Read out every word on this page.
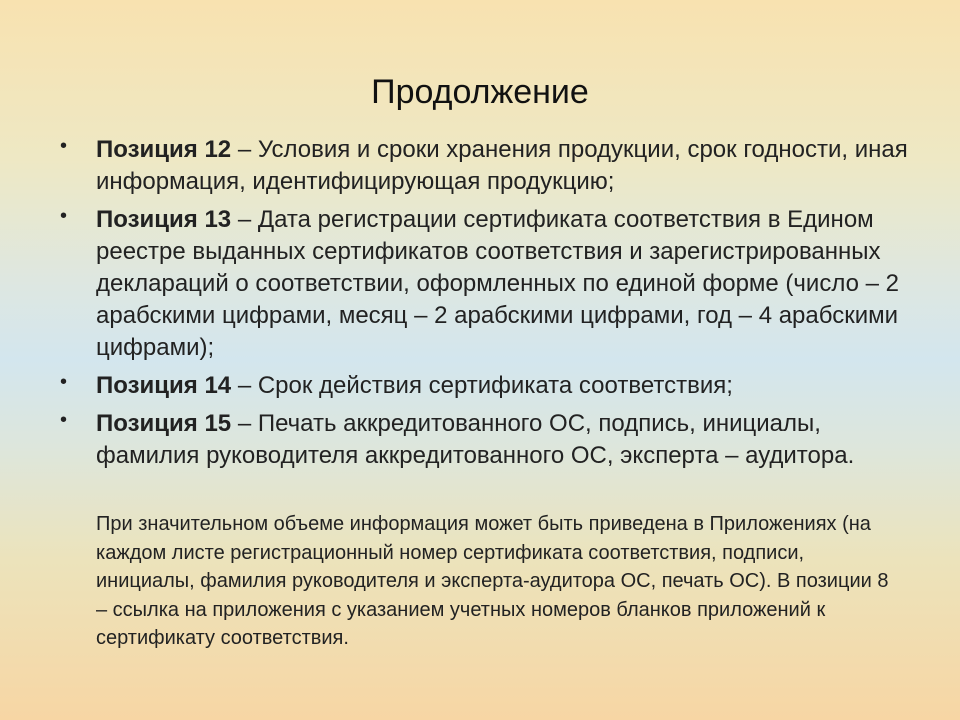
Продолжение
• Позиция 12 – Условия и сроки хранения продукции, срок годности, иная информация, идентифицирующая продукцию;
• Позиция 13 – Дата регистрации сертификата соответствия в Едином реестре выданных сертификатов соответствия и зарегистрированных деклараций о соответствии, оформленных по единой форме (число – 2 арабскими цифрами, месяц – 2 арабскими цифрами, год – 4 арабскими цифрами);
• Позиция 14 – Срок действия сертификата соответствия;
• Позиция 15 – Печать аккредитованного ОС, подпись, инициалы, фамилия руководителя аккредитованного ОС, эксперта – аудитора.
При значительном объеме информация может быть приведена в Приложениях (на каждом листе регистрационный номер сертификата соответствия, подписи, инициалы, фамилия руководителя и эксперта-аудитора ОС, печать ОС). В позиции 8 – ссылка на приложения с указанием учетных номеров бланков приложений к сертификату соответствия.
